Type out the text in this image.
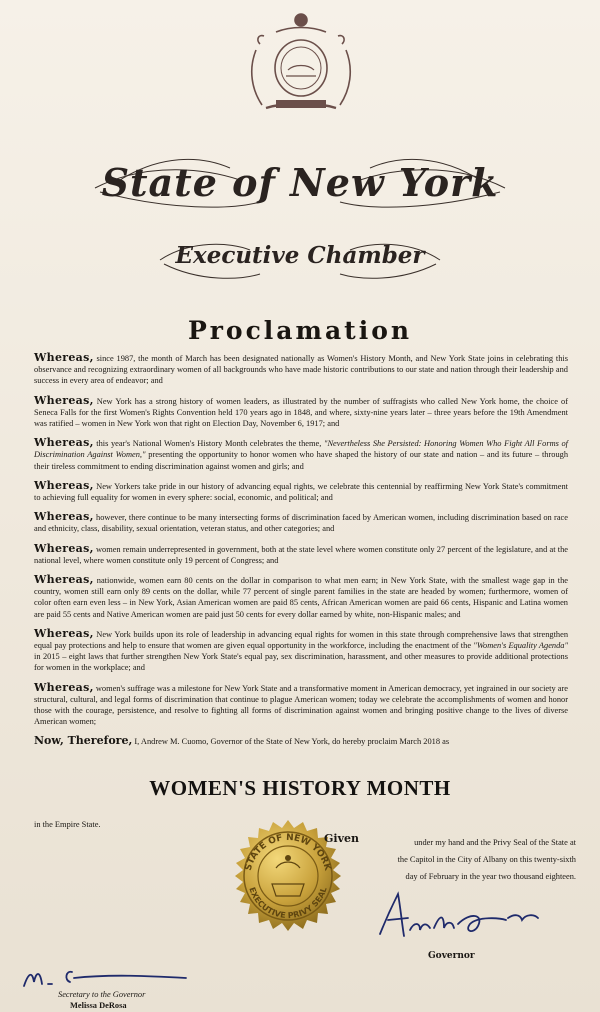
State of New York
Executive Chamber
Proclamation

Whereas, since 1987, the month of March has been designated nationally as Women's History Month, and New York State joins in celebrating this observance and recognizing extraordinary women of all backgrounds who have made historic contributions to our state and nation through their leadership and success in every area of endeavor; and

Whereas, New York has a strong history of women leaders, as illustrated by the number of suffragists who called New York home, the choice of Seneca Falls for the first Women's Rights Convention held 170 years ago in 1848, and where, sixty-nine years later – three years before the 19th Amendment was ratified – women in New York won that right on Election Day, November 6, 1917; and

Whereas, this year's National Women's History Month celebrates the theme, "Nevertheless She Persisted: Honoring Women Who Fight All Forms of Discrimination Against Women," presenting the opportunity to honor women who have shaped the history of our state and nation – and its future – through their tireless commitment to ending discrimination against women and girls; and

Whereas, New Yorkers take pride in our history of advancing equal rights, we celebrate this centennial by reaffirming New York State's commitment to achieving full equality for women in every sphere: social, economic, and political; and

Whereas, however, there continue to be many intersecting forms of discrimination faced by American women, including discrimination based on race and ethnicity, class, disability, sexual orientation, veteran status, and other categories; and

Whereas, women remain underrepresented in government, both at the state level where women constitute only 27 percent of the legislature, and at the national level, where women constitute only 19 percent of Congress; and

Whereas, nationwide, women earn 80 cents on the dollar in comparison to what men earn; in New York State, with the smallest wage gap in the country, women still earn only 89 cents on the dollar, while 77 percent of single parent families in the state are headed by women; furthermore, women of color often earn even less – in New York, Asian American women are paid 85 cents, African American women are paid 66 cents, Hispanic and Latina women are paid 55 cents and Native American women are paid just 50 cents for every dollar earned by white, non-Hispanic males; and

Whereas, New York builds upon its role of leadership in advancing equal rights for women in this state through comprehensive laws that strengthen equal pay protections and help to ensure that women are given equal opportunity in the workforce, including the enactment of the "Women's Equality Agenda" in 2015 – eight laws that further strengthen New York State's equal pay, sex discrimination, harassment, and other measures to provide additional protections for women in the workplace; and

Whereas, women's suffrage was a milestone for New York State and a transformative moment in American democracy, yet ingrained in our society are structural, cultural, and legal forms of discrimination that continue to plague American women; today we celebrate the accomplishments of women and honor those with the courage, persistence, and resolve to fighting all forms of discrimination against women and bringing positive change to the lives of diverse American women;

Now, Therefore, I, Andrew M. Cuomo, Governor of the State of New York, do hereby proclaim March 2018 as
WOMEN'S HISTORY MONTH
in the Empire State.
STATE OF NEW YORK
EXECUTIVE PRIVY SEAL
Given	under my hand and the Privy Seal of the State at
the Capitol in the City of Albany on this twenty-sixth
day of February in the year two thousand eighteen.
Governor
Secretary to the Governor
Melissa DeRosa
